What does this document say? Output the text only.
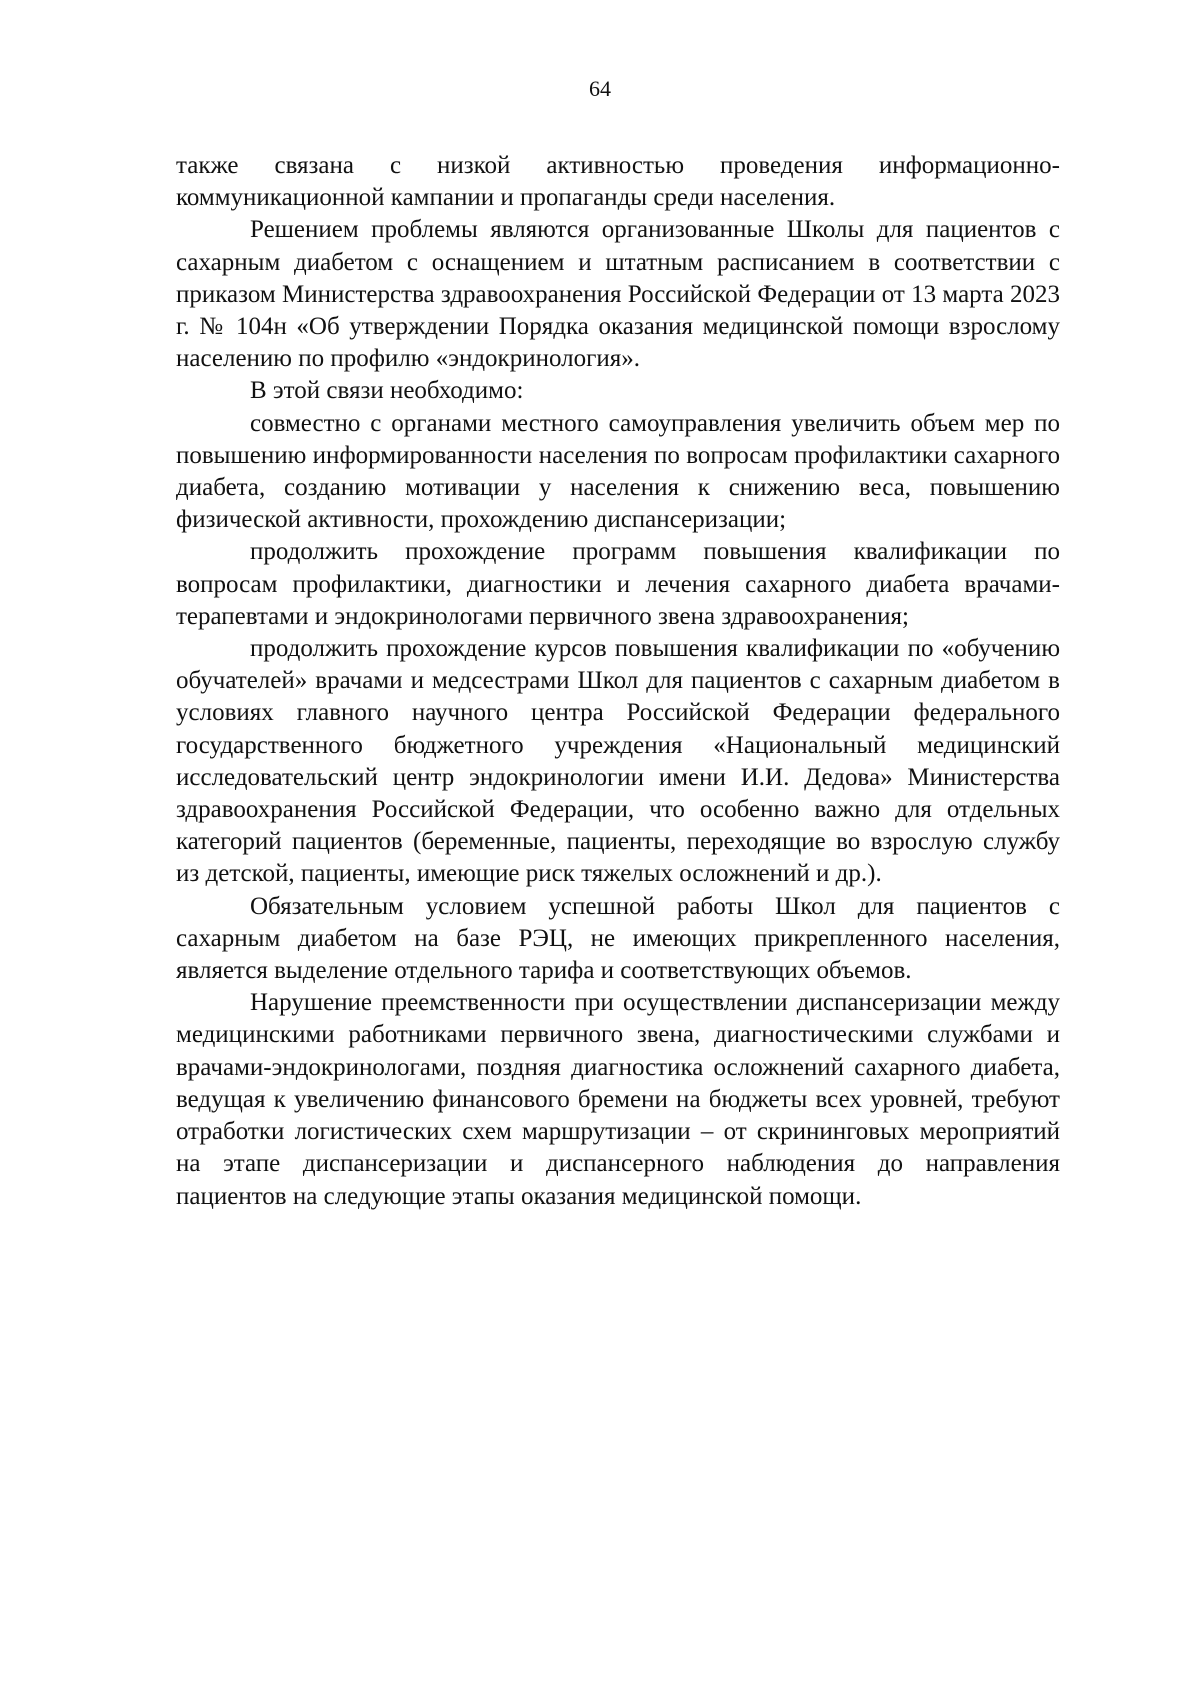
64

также связана с низкой активностью проведения информационно-коммуникационной кампании и пропаганды среди населения.

Решением проблемы являются организованные Школы для пациентов с сахарным диабетом с оснащением и штатным расписанием в соответствии с приказом Министерства здравоохранения Российской Федерации от 13 марта 2023 г. № 104н «Об утверждении Порядка оказания медицинской помощи взрослому населению по профилю «эндокринология».

В этой связи необходимо:

совместно с органами местного самоуправления увеличить объем мер по повышению информированности населения по вопросам профилактики сахарного диабета, созданию мотивации у населения к снижению веса, повышению физической активности, прохождению диспансеризации;

продолжить прохождение программ повышения квалификации по вопросам профилактики, диагностики и лечения сахарного диабета врачами-терапевтами и эндокринологами первичного звена здравоохранения;

продолжить прохождение курсов повышения квалификации по «обучению обучателей» врачами и медсестрами Школ для пациентов с сахарным диабетом в условиях главного научного центра Российской Федерации федерального государственного бюджетного учреждения «Национальный медицинский исследовательский центр эндокринологии имени И.И. Дедова» Министерства здравоохранения Российской Федерации, что особенно важно для отдельных категорий пациентов (беременные, пациенты, переходящие во взрослую службу из детской, пациенты, имеющие риск тяжелых осложнений и др.).

Обязательным условием успешной работы Школ для пациентов с сахарным диабетом на базе РЭЦ, не имеющих прикрепленного населения, является выделение отдельного тарифа и соответствующих объемов.

Нарушение преемственности при осуществлении диспансеризации между медицинскими работниками первичного звена, диагностическими службами и врачами-эндокринологами, поздняя диагностика осложнений сахарного диабета, ведущая к увеличению финансового бремени на бюджеты всех уровней, требуют отработки логистических схем маршрутизации – от скрининговых мероприятий на этапе диспансеризации и диспансерного наблюдения до направления пациентов на следующие этапы оказания медицинской помощи.
